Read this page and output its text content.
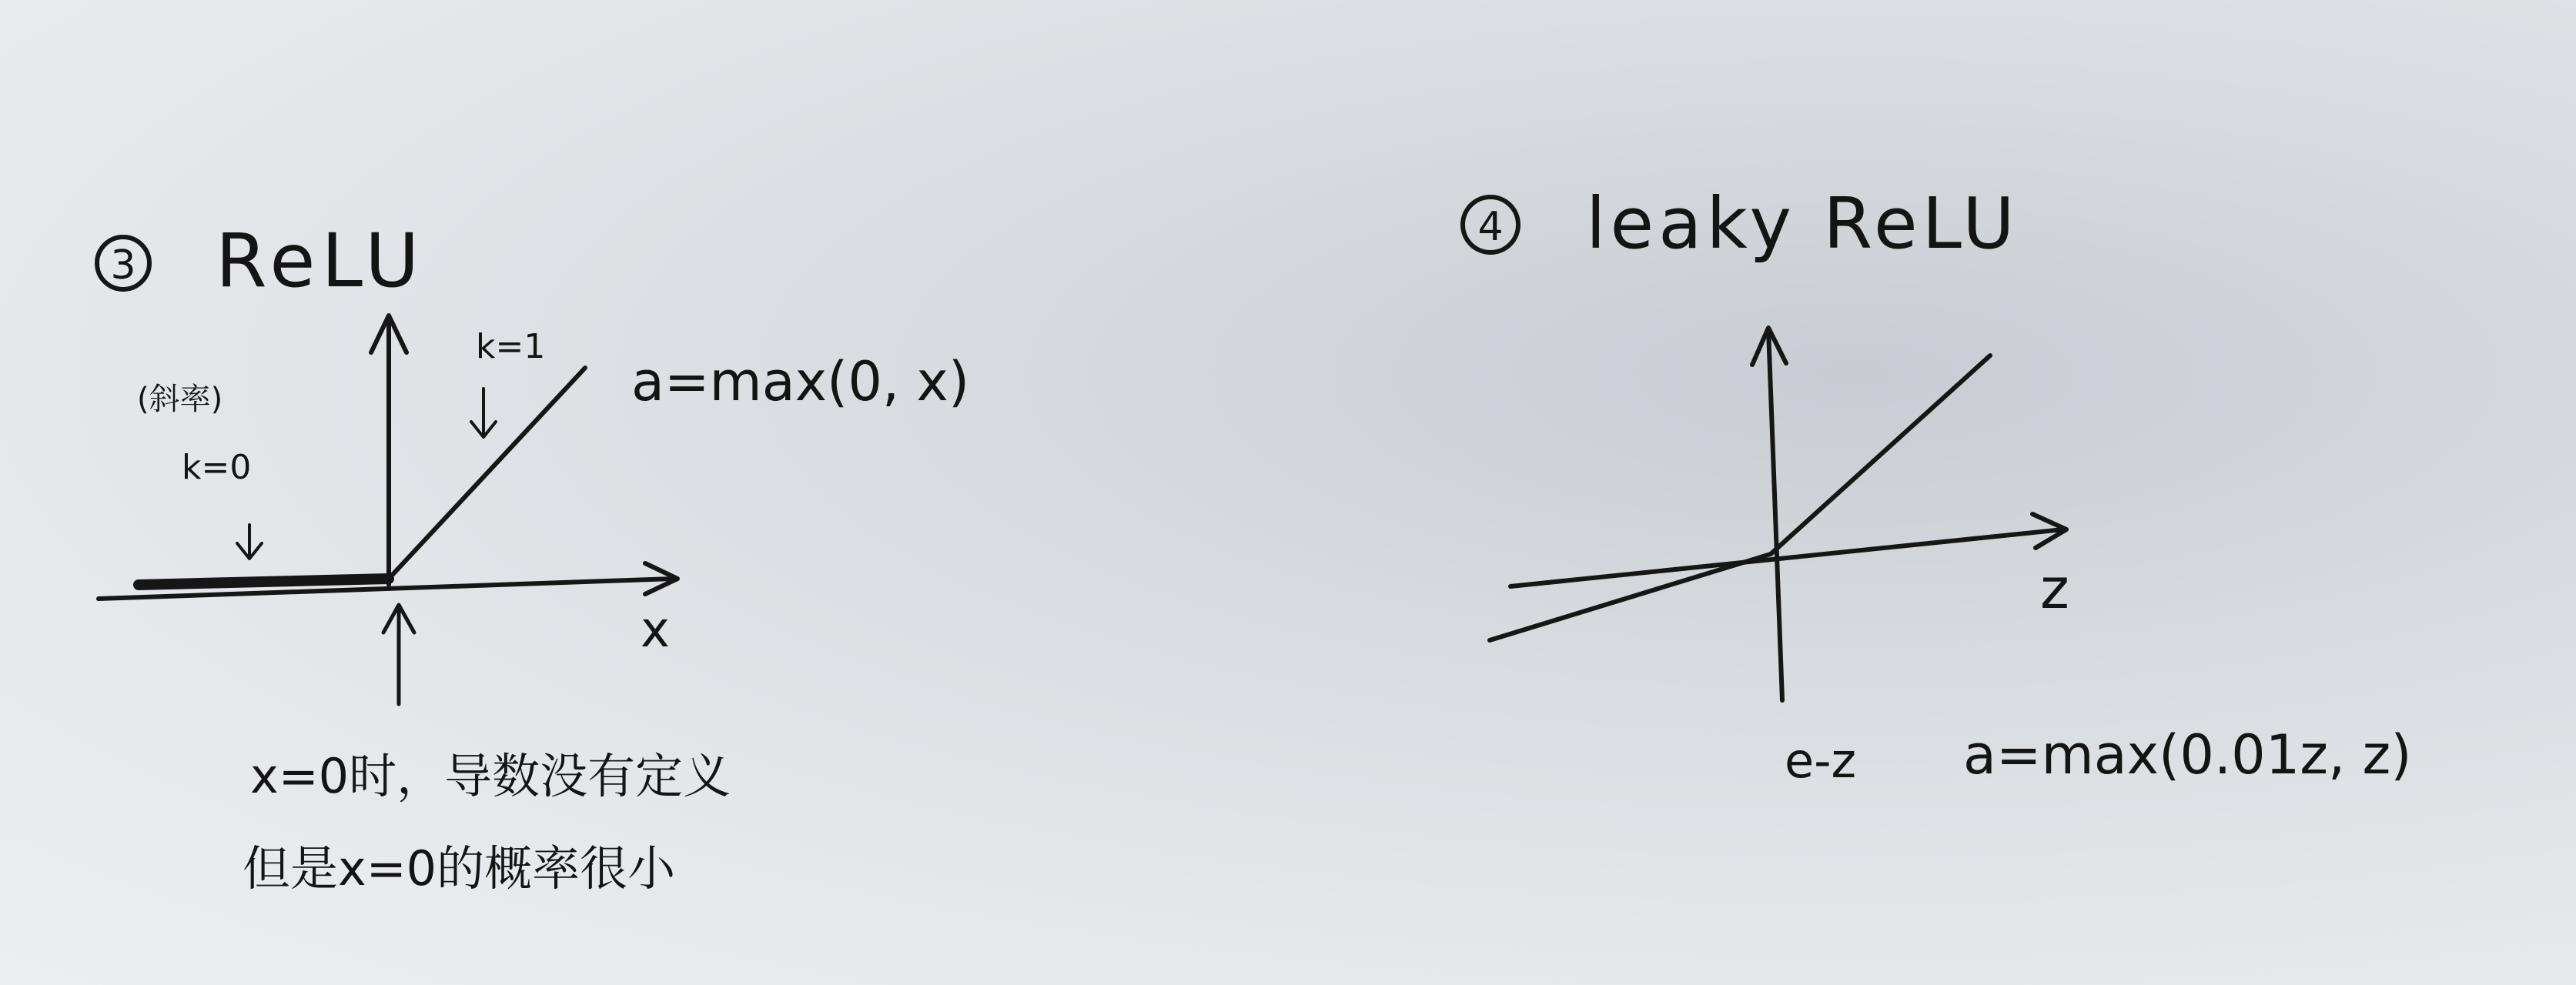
3 ReLU
x
k=1
(斜率)
k=0
a=max(0, x)
x=0时，导数没有定义
但是x=0的概率很小
4 leaky ReLU
z
e-z a=max(0.01z, z)
